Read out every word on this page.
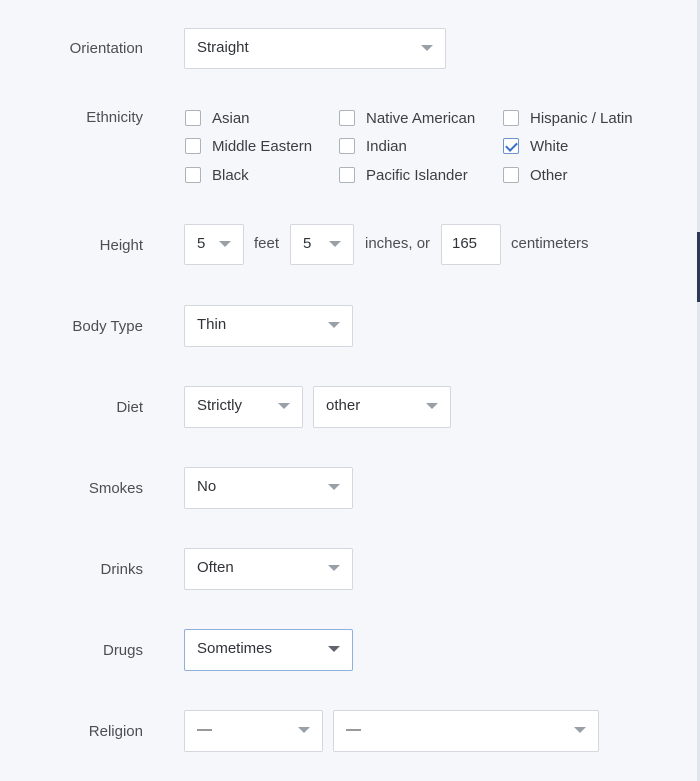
Orientation	Straight
Ethnicity	Asian	Native American	Hispanic / Latin
Middle Eastern	Indian	White
Black	Pacific Islander	Other
Height	5	feet	5	inches, or	165	centimeters
Body Type	Thin
Diet	Strictly	other
Smokes	No
Drinks	Often
Drugs	Sometimes
Religion	—	—
